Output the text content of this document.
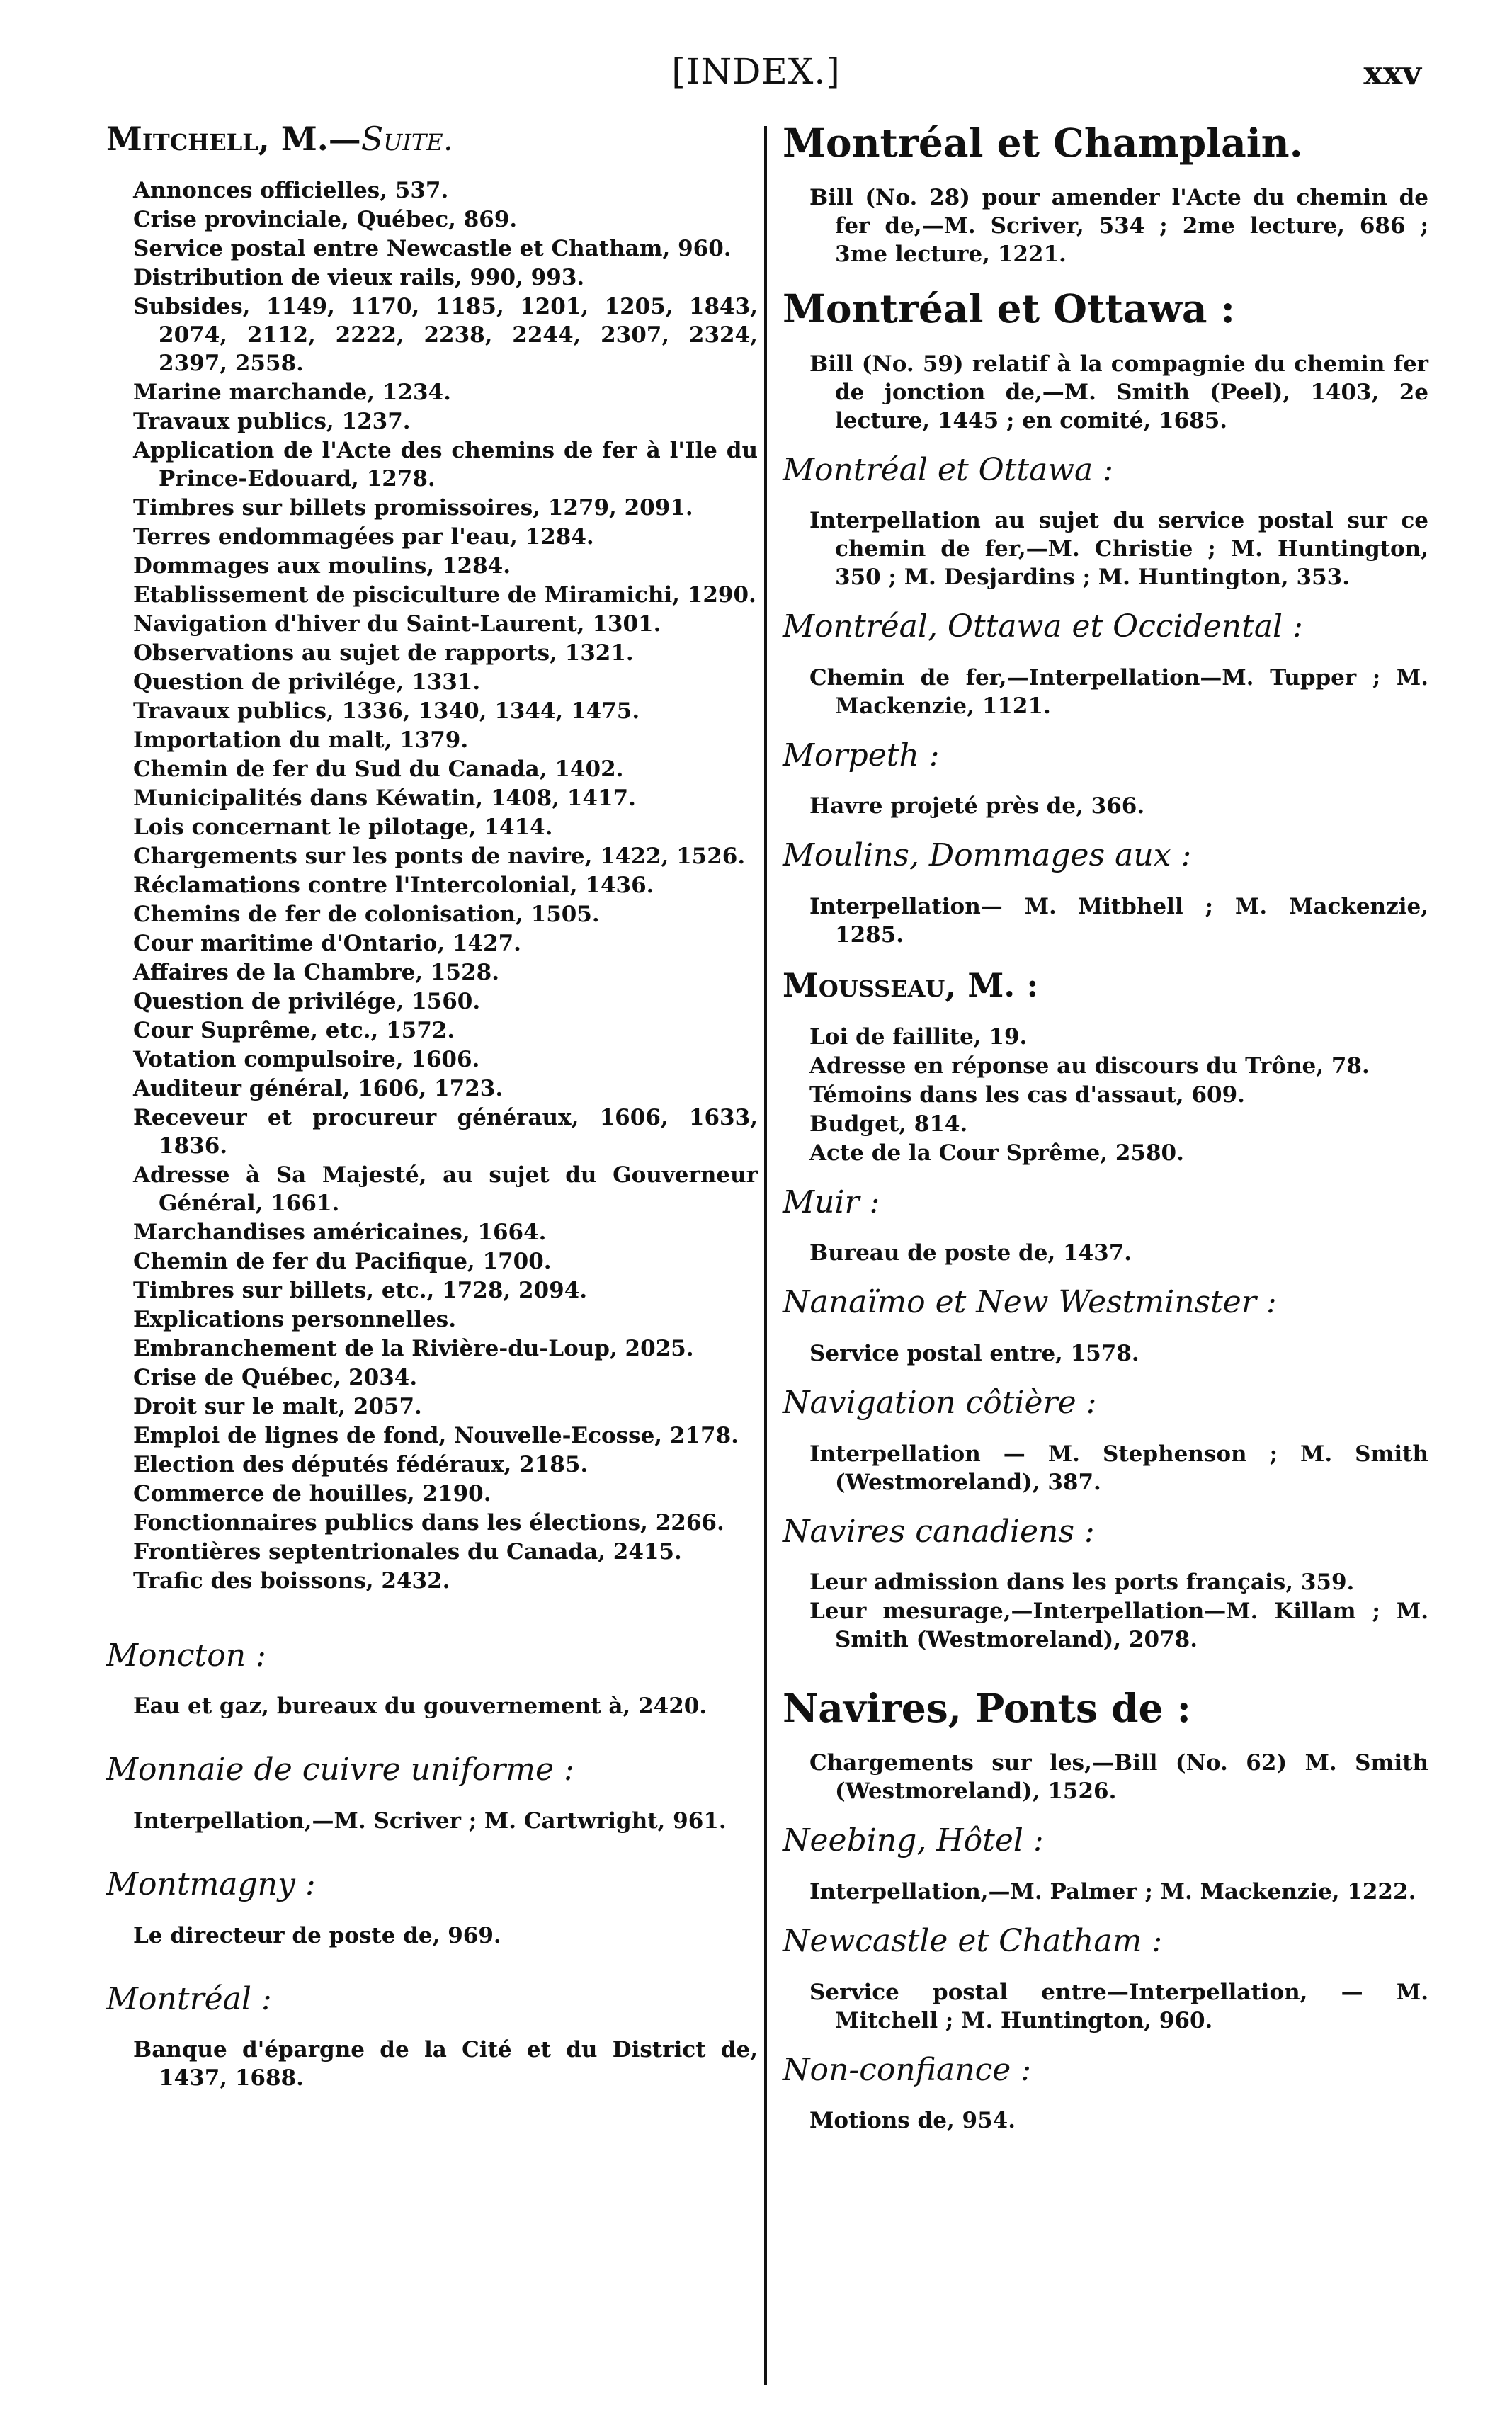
[INDEX.]	xxv
Mitchell, M.—Suite.
Annonces officielles, 537.
Crise provinciale, Québec, 869.
Service postal entre Newcastle et Chatham, 960.
Distribution de vieux rails, 990, 993.
Subsides, 1149, 1170, 1185, 1201, 1205, 1843, 2074, 2112, 2222, 2238, 2244, 2307, 2324, 2397, 2558.
Marine marchande, 1234.
Travaux publics, 1237.
Application de l'Acte des chemins de fer à l'Ile du Prince-Edouard, 1278.
Timbres sur billets promissoires, 1279, 2091.
Terres endommagées par l'eau, 1284.
Dommages aux moulins, 1284.
Etablissement de pisciculture de Miramichi, 1290.
Navigation d'hiver du Saint-Laurent, 1301.
Observations au sujet de rapports, 1321.
Question de privilége, 1331.
Travaux publics, 1336, 1340, 1344, 1475.
Importation du malt, 1379.
Chemin de fer du Sud du Canada, 1402.
Municipalités dans Kéwatin, 1408, 1417.
Lois concernant le pilotage, 1414.
Chargements sur les ponts de navire, 1422, 1526.
Réclamations contre l'Intercolonial, 1436.
Chemins de fer de colonisation, 1505.
Cour maritime d'Ontario, 1427.
Affaires de la Chambre, 1528.
Question de privilége, 1560.
Cour Suprême, etc., 1572.
Votation compulsoire, 1606.
Auditeur général, 1606, 1723.
Receveur et procureur généraux, 1606, 1633, 1836.
Adresse à Sa Majesté, au sujet du Gouverneur Général, 1661.
Marchandises américaines, 1664.
Chemin de fer du Pacifique, 1700.
Timbres sur billets, etc., 1728, 2094.
Explications personnelles.
Embranchement de la Rivière-du-Loup, 2025.
Crise de Québec, 2034.
Droit sur le malt, 2057.
Emploi de lignes de fond, Nouvelle-Ecosse, 2178.
Election des députés fédéraux, 2185.
Commerce de houilles, 2190.
Fonctionnaires publics dans les élections, 2266.
Frontières septentrionales du Canada, 2415.
Trafic des boissons, 2432.
Moncton :
Eau et gaz, bureaux du gouvernement à, 2420.
Monnaie de cuivre uniforme :
Interpellation,—M. Scriver ; M. Cartwright, 961.
Montmagny :
Le directeur de poste de, 969.
Montréal :
Banque d'épargne de la Cité et du District de, 1437, 1688.
Montréal et Champlain.
Bill (No. 28) pour amender l'Acte du chemin de fer de,—M. Scriver, 534 ; 2me lecture, 686 ; 3me lecture, 1221.
Montréal et Ottawa :
Bill (No. 59) relatif à la compagnie du chemin fer de jonction de,—M. Smith (Peel), 1403, 2e lecture, 1445 ; en comité, 1685.
Montréal et Ottawa :
Interpellation au sujet du service postal sur ce chemin de fer,—M. Christie ; M. Huntington, 350 ; M. Desjardins ; M. Huntington, 353.
Montréal, Ottawa et Occidental :
Chemin de fer,—Interpellation—M. Tupper ; M. Mackenzie, 1121.
Morpeth :
Havre projeté près de, 366.
Moulins, Dommages aux :
Interpellation— M. Mitbhell ; M. Mackenzie, 1285.
Mousseau, M. :
Loi de faillite, 19.
Adresse en réponse au discours du Trône, 78.
Témoins dans les cas d'assaut, 609.
Budget, 814.
Acte de la Cour Sprême, 2580.
Muir :
Bureau de poste de, 1437.
Nanaïmo et New Westminster :
Service postal entre, 1578.
Navigation côtière :
Interpellation — M. Stephenson ; M. Smith (Westmoreland), 387.
Navires canadiens :
Leur admission dans les ports français, 359.
Leur mesurage,—Interpellation—M. Killam ; M. Smith (Westmoreland), 2078.
Navires, Ponts de :
Chargements sur les,—Bill (No. 62) M. Smith (Westmoreland), 1526.
Neebing, Hôtel :
Interpellation,—M. Palmer ; M. Mackenzie, 1222.
Newcastle et Chatham :
Service postal entre—Interpellation, — M. Mitchell ; M. Huntington, 960.
Non-confiance :
Motions de, 954.
